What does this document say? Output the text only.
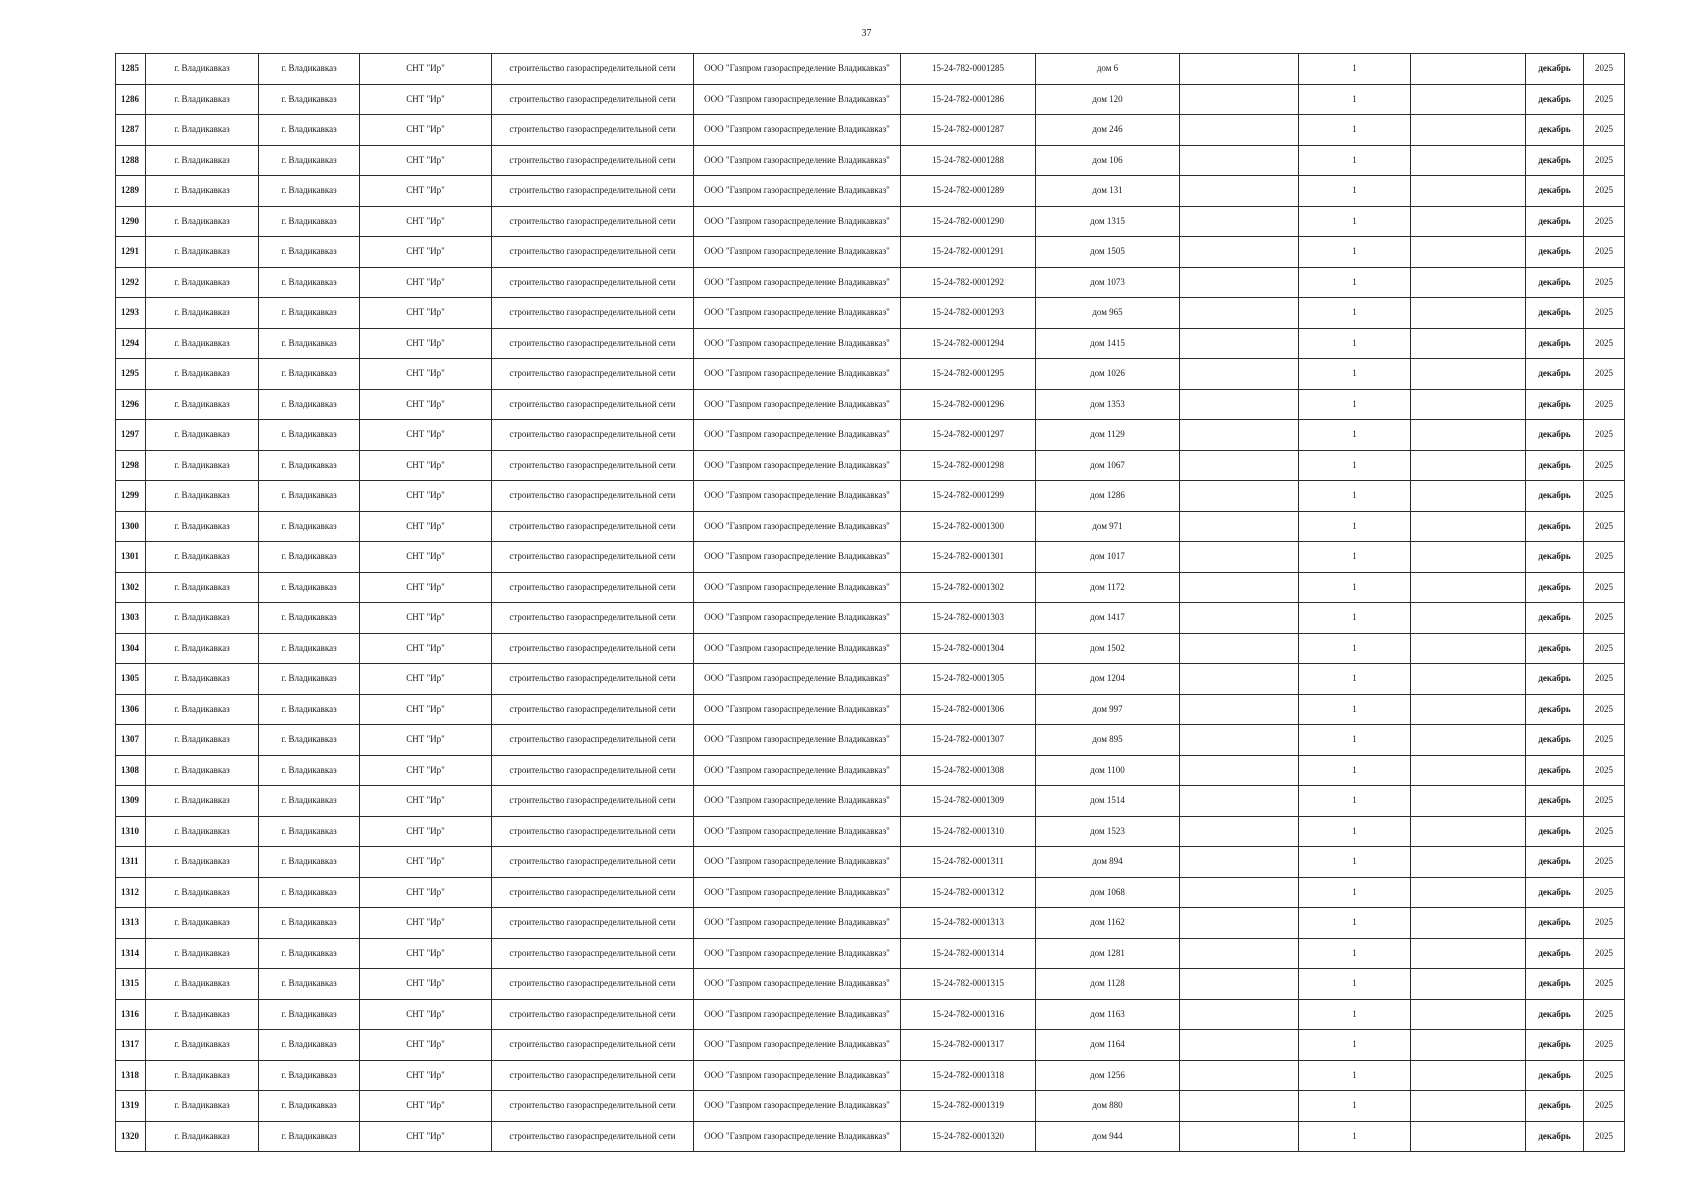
37
1285	г. Владикавказ	г. Владикавказ	СНТ "Ир"	строительство газораспределительной сети	ООО "Газпром газораспределение Владикавказ"	15-24-782-0001285	дом 6		1		декабрь	2025
1286	г. Владикавказ	г. Владикавказ	СНТ "Ир"	строительство газораспределительной сети	ООО "Газпром газораспределение Владикавказ"	15-24-782-0001286	дом 120		1		декабрь	2025
1287	г. Владикавказ	г. Владикавказ	СНТ "Ир"	строительство газораспределительной сети	ООО "Газпром газораспределение Владикавказ"	15-24-782-0001287	дом 246		1		декабрь	2025
1288	г. Владикавказ	г. Владикавказ	СНТ "Ир"	строительство газораспределительной сети	ООО "Газпром газораспределение Владикавказ"	15-24-782-0001288	дом 106		1		декабрь	2025
1289	г. Владикавказ	г. Владикавказ	СНТ "Ир"	строительство газораспределительной сети	ООО "Газпром газораспределение Владикавказ"	15-24-782-0001289	дом 131		1		декабрь	2025
1290	г. Владикавказ	г. Владикавказ	СНТ "Ир"	строительство газораспределительной сети	ООО "Газпром газораспределение Владикавказ"	15-24-782-0001290	дом 1315		1		декабрь	2025
1291	г. Владикавказ	г. Владикавказ	СНТ "Ир"	строительство газораспределительной сети	ООО "Газпром газораспределение Владикавказ"	15-24-782-0001291	дом 1505		1		декабрь	2025
1292	г. Владикавказ	г. Владикавказ	СНТ "Ир"	строительство газораспределительной сети	ООО "Газпром газораспределение Владикавказ"	15-24-782-0001292	дом 1073		1		декабрь	2025
1293	г. Владикавказ	г. Владикавказ	СНТ "Ир"	строительство газораспределительной сети	ООО "Газпром газораспределение Владикавказ"	15-24-782-0001293	дом 965		1		декабрь	2025
1294	г. Владикавказ	г. Владикавказ	СНТ "Ир"	строительство газораспределительной сети	ООО "Газпром газораспределение Владикавказ"	15-24-782-0001294	дом 1415		1		декабрь	2025
1295	г. Владикавказ	г. Владикавказ	СНТ "Ир"	строительство газораспределительной сети	ООО "Газпром газораспределение Владикавказ"	15-24-782-0001295	дом 1026		1		декабрь	2025
1296	г. Владикавказ	г. Владикавказ	СНТ "Ир"	строительство газораспределительной сети	ООО "Газпром газораспределение Владикавказ"	15-24-782-0001296	дом 1353		1		декабрь	2025
1297	г. Владикавказ	г. Владикавказ	СНТ "Ир"	строительство газораспределительной сети	ООО "Газпром газораспределение Владикавказ"	15-24-782-0001297	дом 1129		1		декабрь	2025
1298	г. Владикавказ	г. Владикавказ	СНТ "Ир"	строительство газораспределительной сети	ООО "Газпром газораспределение Владикавказ"	15-24-782-0001298	дом 1067		1		декабрь	2025
1299	г. Владикавказ	г. Владикавказ	СНТ "Ир"	строительство газораспределительной сети	ООО "Газпром газораспределение Владикавказ"	15-24-782-0001299	дом 1286		1		декабрь	2025
1300	г. Владикавказ	г. Владикавказ	СНТ "Ир"	строительство газораспределительной сети	ООО "Газпром газораспределение Владикавказ"	15-24-782-0001300	дом 971		1		декабрь	2025
1301	г. Владикавказ	г. Владикавказ	СНТ "Ир"	строительство газораспределительной сети	ООО "Газпром газораспределение Владикавказ"	15-24-782-0001301	дом 1017		1		декабрь	2025
1302	г. Владикавказ	г. Владикавказ	СНТ "Ир"	строительство газораспределительной сети	ООО "Газпром газораспределение Владикавказ"	15-24-782-0001302	дом 1172		1		декабрь	2025
1303	г. Владикавказ	г. Владикавказ	СНТ "Ир"	строительство газораспределительной сети	ООО "Газпром газораспределение Владикавказ"	15-24-782-0001303	дом 1417		1		декабрь	2025
1304	г. Владикавказ	г. Владикавказ	СНТ "Ир"	строительство газораспределительной сети	ООО "Газпром газораспределение Владикавказ"	15-24-782-0001304	дом 1502		1		декабрь	2025
1305	г. Владикавказ	г. Владикавказ	СНТ "Ир"	строительство газораспределительной сети	ООО "Газпром газораспределение Владикавказ"	15-24-782-0001305	дом 1204		1		декабрь	2025
1306	г. Владикавказ	г. Владикавказ	СНТ "Ир"	строительство газораспределительной сети	ООО "Газпром газораспределение Владикавказ"	15-24-782-0001306	дом 997		1		декабрь	2025
1307	г. Владикавказ	г. Владикавказ	СНТ "Ир"	строительство газораспределительной сети	ООО "Газпром газораспределение Владикавказ"	15-24-782-0001307	дом 895		1		декабрь	2025
1308	г. Владикавказ	г. Владикавказ	СНТ "Ир"	строительство газораспределительной сети	ООО "Газпром газораспределение Владикавказ"	15-24-782-0001308	дом 1100		1		декабрь	2025
1309	г. Владикавказ	г. Владикавказ	СНТ "Ир"	строительство газораспределительной сети	ООО "Газпром газораспределение Владикавказ"	15-24-782-0001309	дом 1514		1		декабрь	2025
1310	г. Владикавказ	г. Владикавказ	СНТ "Ир"	строительство газораспределительной сети	ООО "Газпром газораспределение Владикавказ"	15-24-782-0001310	дом 1523		1		декабрь	2025
1311	г. Владикавказ	г. Владикавказ	СНТ "Ир"	строительство газораспределительной сети	ООО "Газпром газораспределение Владикавказ"	15-24-782-0001311	дом 894		1		декабрь	2025
1312	г. Владикавказ	г. Владикавказ	СНТ "Ир"	строительство газораспределительной сети	ООО "Газпром газораспределение Владикавказ"	15-24-782-0001312	дом 1068		1		декабрь	2025
1313	г. Владикавказ	г. Владикавказ	СНТ "Ир"	строительство газораспределительной сети	ООО "Газпром газораспределение Владикавказ"	15-24-782-0001313	дом 1162		1		декабрь	2025
1314	г. Владикавказ	г. Владикавказ	СНТ "Ир"	строительство газораспределительной сети	ООО "Газпром газораспределение Владикавказ"	15-24-782-0001314	дом 1281		1		декабрь	2025
1315	г. Владикавказ	г. Владикавказ	СНТ "Ир"	строительство газораспределительной сети	ООО "Газпром газораспределение Владикавказ"	15-24-782-0001315	дом 1128		1		декабрь	2025
1316	г. Владикавказ	г. Владикавказ	СНТ "Ир"	строительство газораспределительной сети	ООО "Газпром газораспределение Владикавказ"	15-24-782-0001316	дом 1163		1		декабрь	2025
1317	г. Владикавказ	г. Владикавказ	СНТ "Ир"	строительство газораспределительной сети	ООО "Газпром газораспределение Владикавказ"	15-24-782-0001317	дом 1164		1		декабрь	2025
1318	г. Владикавказ	г. Владикавказ	СНТ "Ир"	строительство газораспределительной сети	ООО "Газпром газораспределение Владикавказ"	15-24-782-0001318	дом 1256		1		декабрь	2025
1319	г. Владикавказ	г. Владикавказ	СНТ "Ир"	строительство газораспределительной сети	ООО "Газпром газораспределение Владикавказ"	15-24-782-0001319	дом 880		1		декабрь	2025
1320	г. Владикавказ	г. Владикавказ	СНТ "Ир"	строительство газораспределительной сети	ООО "Газпром газораспределение Владикавказ"	15-24-782-0001320	дом 944		1		декабрь	2025
